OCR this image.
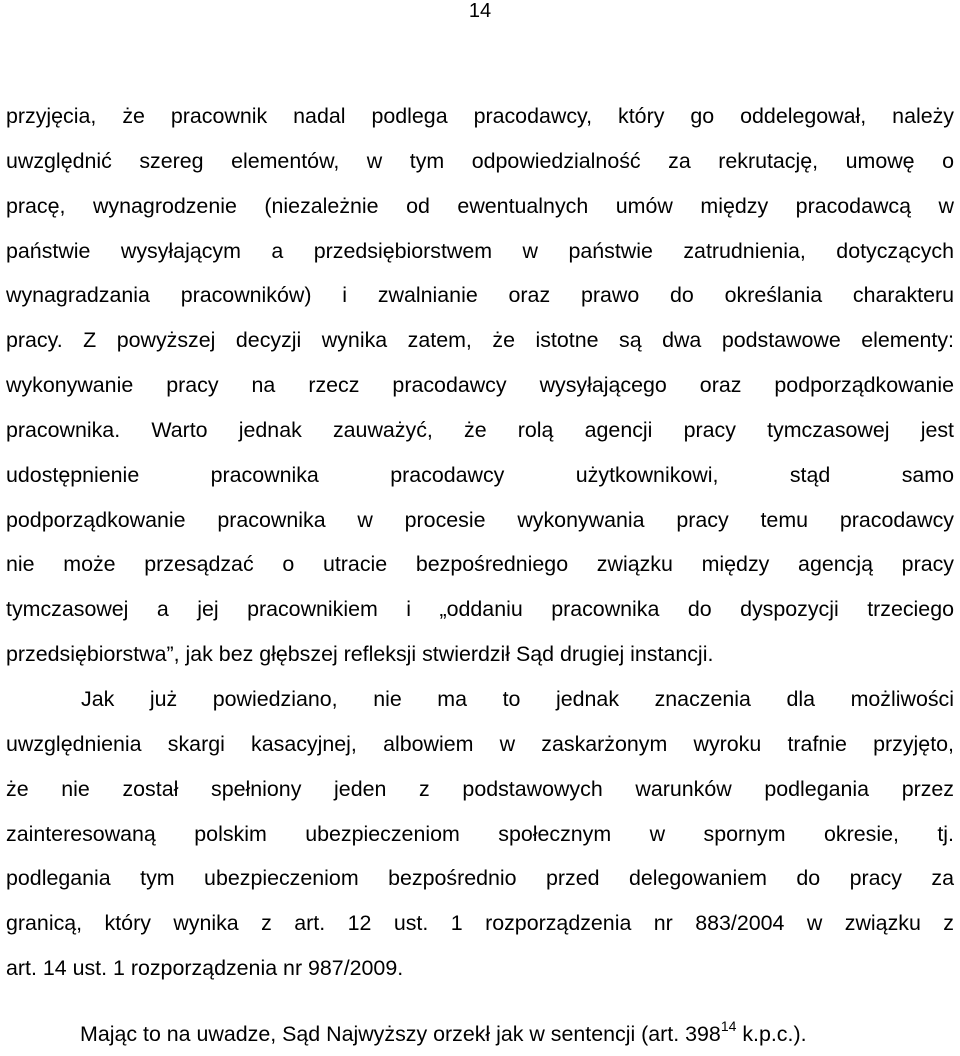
14
przyjęcia, że pracownik nadal podlega pracodawcy, który go oddelegował, należy
uwzględnić szereg elementów, w tym odpowiedzialność za rekrutację, umowę o
pracę, wynagrodzenie (niezależnie od ewentualnych umów między pracodawcą w
państwie wysyłającym a przedsiębiorstwem w państwie zatrudnienia, dotyczących
wynagradzania pracowników) i zwalnianie oraz prawo do określania charakteru
pracy. Z powyższej decyzji wynika zatem, że istotne są dwa podstawowe elementy:
wykonywanie pracy na rzecz pracodawcy wysyłającego oraz podporządkowanie
pracownika. Warto jednak zauważyć, że rolą agencji pracy tymczasowej jest
udostępnienie pracownika pracodawcy użytkownikowi, stąd samo
podporządkowanie pracownika w procesie wykonywania pracy temu pracodawcy
nie może przesądzać o utracie bezpośredniego związku między agencją pracy
tymczasowej a jej pracownikiem i „oddaniu pracownika do dyspozycji trzeciego
przedsiębiorstwa”, jak bez głębszej refleksji stwierdził Sąd drugiej instancji.
Jak już powiedziano, nie ma to jednak znaczenia dla możliwości
uwzględnienia skargi kasacyjnej, albowiem w zaskarżonym wyroku trafnie przyjęto,
że nie został spełniony jeden z podstawowych warunków podlegania przez
zainteresowaną polskim ubezpieczeniom społecznym w spornym okresie, tj.
podlegania tym ubezpieczeniom bezpośrednio przed delegowaniem do pracy za
granicą, który wynika z art. 12 ust. 1 rozporządzenia nr 883/2004 w związku z
art. 14 ust. 1 rozporządzenia nr 987/2009.
Mając to na uwadze, Sąd Najwyższy orzekł jak w sentencji (art. $398^{14}$ k.p.c.).
